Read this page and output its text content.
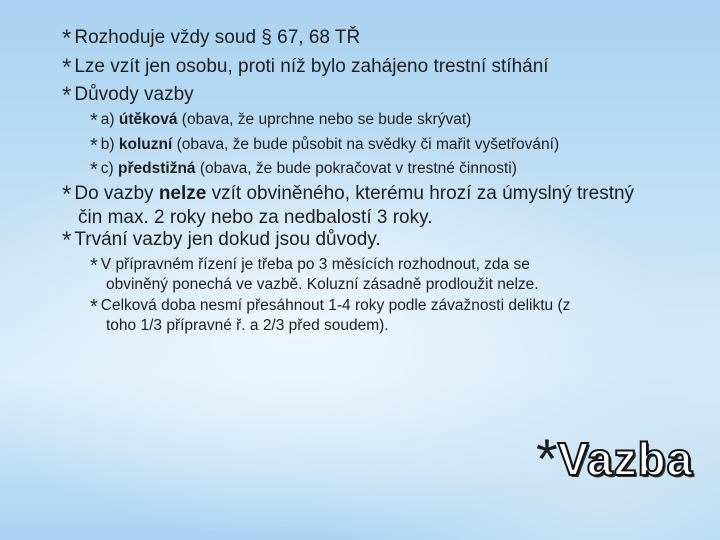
* Rozhoduje vždy soud § 67, 68 TŘ
* Lze vzít jen osobu, proti níž bylo zahájeno trestní stíhání
* Důvody vazby
* a) útěková (obava, že uprchne nebo se bude skrývat)
* b) koluzní (obava, že bude působit na svědky či mařit vyšetřování)
* c) předstižná (obava, že bude pokračovat v trestné činnosti)
* Do vazby nelze vzít obviněného, kterému hrozí za úmyslný trestný
čin max. 2 roky nebo za nedbalostí 3 roky.
* Trvání vazby jen dokud jsou důvody.
* V přípravném řízení je třeba po 3 měsících rozhodnout, zda se
obviněný ponechá ve vazbě. Koluzní zásadně prodloužit nelze.
* Celková doba nesmí přesáhnout 1-4 roky podle závažnosti deliktu (z
toho 1/3 přípravné ř. a 2/3 před soudem).
*Vazba
